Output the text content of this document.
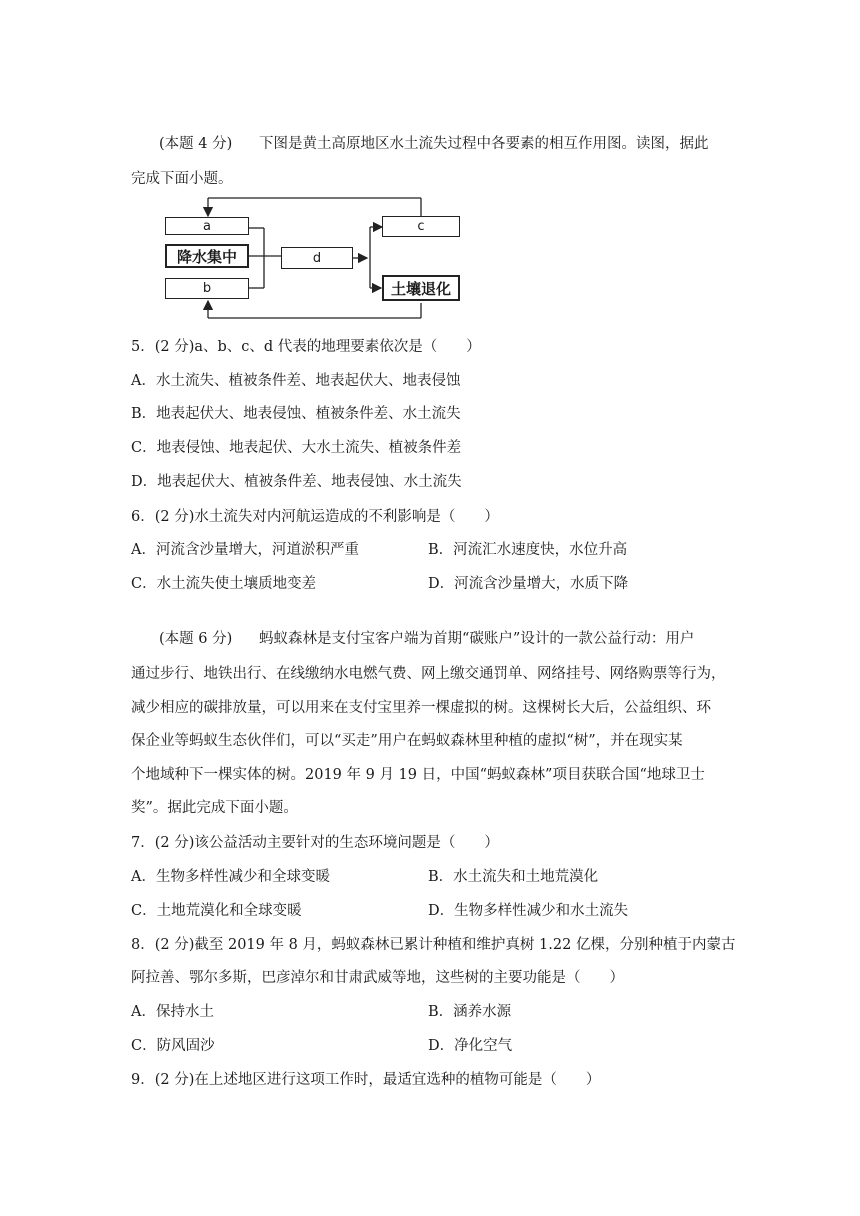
(本题 4 分) 下图是黄土高原地区水土流失过程中各要素的相互作用图。读图，据此
完成下面小题。
a
降水集中
b
d
c
土壤退化
5．(2 分)a、b、c、d 代表的地理要素依次是（　　）
A．水土流失、植被条件差、地表起伏大、地表侵蚀
B．地表起伏大、地表侵蚀、植被条件差、水土流失
C．地表侵蚀、地表起伏、大水土流失、植被条件差
D．地表起伏大、植被条件差、地表侵蚀、水土流失
6．(2 分)水土流失对内河航运造成的不利影响是（　　）
A．河流含沙量增大，河道淤积严重	B．河流汇水速度快，水位升高
C．水土流失使土壤质地变差	D．河流含沙量增大，水质下降
(本题 6 分) 蚂蚁森林是支付宝客户端为首期“碳账户”设计的一款公益行动：用户
通过步行、地铁出行、在线缴纳水电燃气费、网上缴交通罚单、网络挂号、网络购票等行为，
减少相应的碳排放量，可以用来在支付宝里养一棵虚拟的树。这棵树长大后，公益组织、环
保企业等蚂蚁生态伙伴们，可以“买走”用户在蚂蚁森林里种植的虚拟“树”，并在现实某
个地域种下一棵实体的树。2019 年 9 月 19 日，中国“蚂蚁森林”项目获联合国“地球卫士
奖”。据此完成下面小题。
7．(2 分)该公益活动主要针对的生态环境问题是（　　）
A．生物多样性减少和全球变暖	B．水土流失和土地荒漠化
C．土地荒漠化和全球变暖	D．生物多样性减少和水土流失
8．(2 分)截至 2019 年 8 月，蚂蚁森林已累计种植和维护真树 1.22 亿棵，分别种植于内蒙古
阿拉善、鄂尔多斯，巴彦淖尔和甘肃武威等地，这些树的主要功能是（　　）
A．保持水土	B．涵养水源
C．防风固沙	D．净化空气
9．(2 分)在上述地区进行这项工作时，最适宜选种的植物可能是（　　）
